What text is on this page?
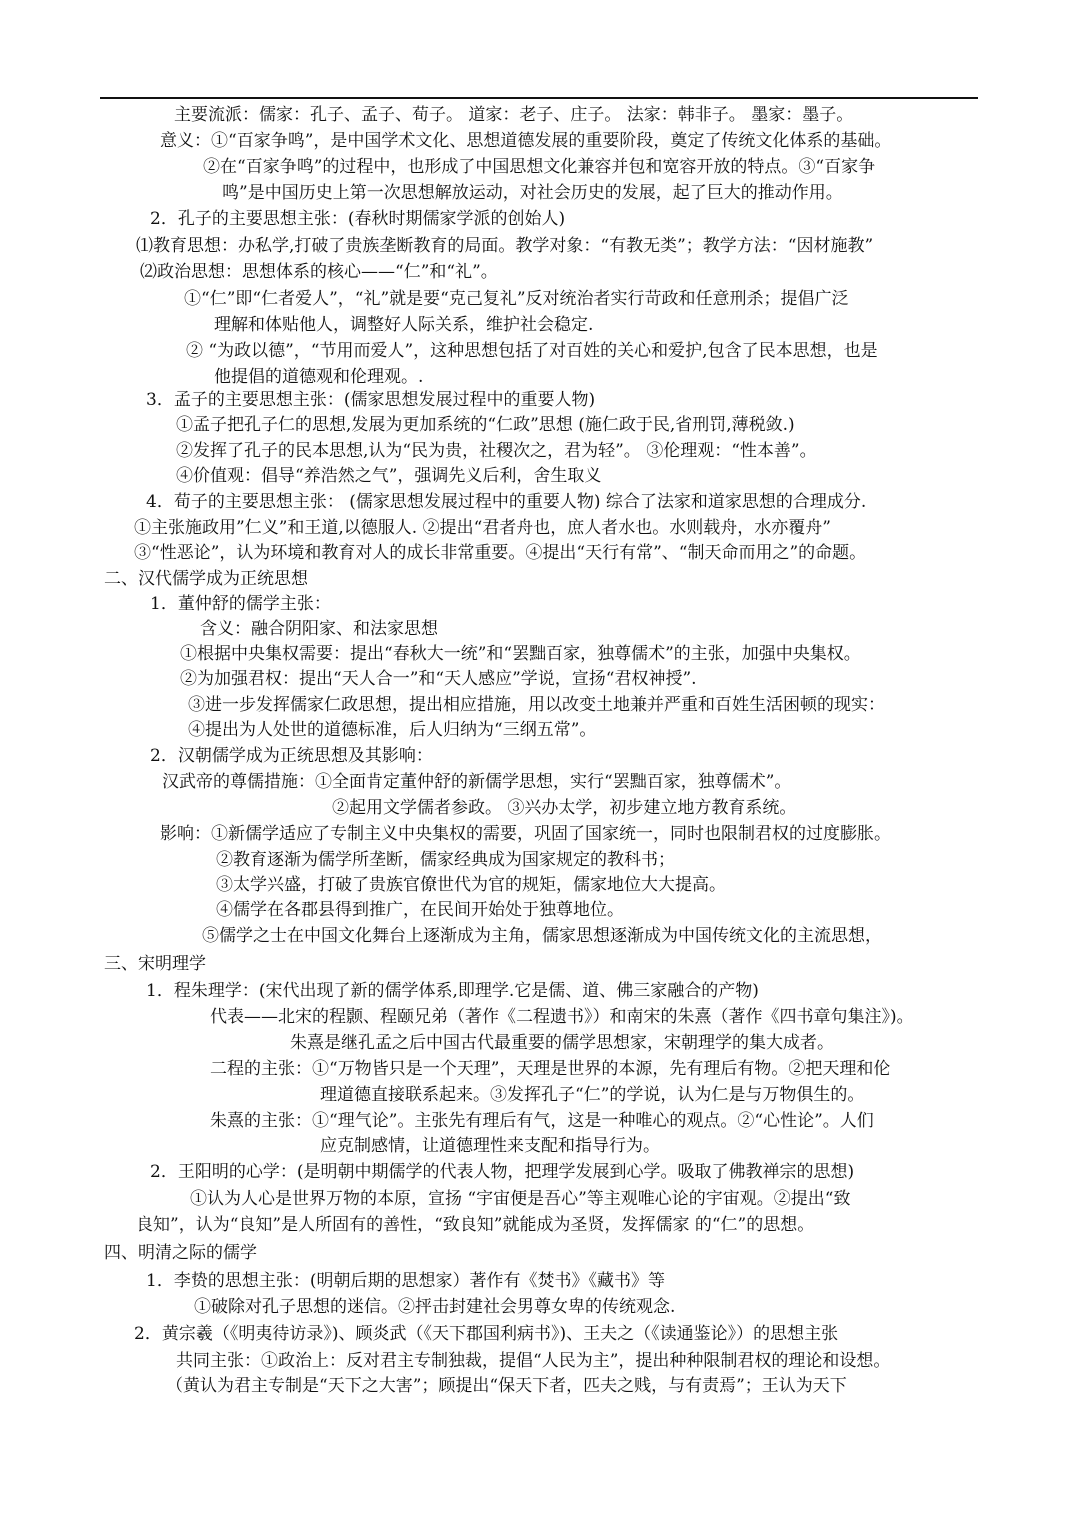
主要流派：儒家：孔子、孟子、荀子。 道家：老子、庄子。 法家：韩非子。 墨家：墨子。
意义：①“百家争鸣”，是中国学术文化、思想道德发展的重要阶段，奠定了传统文化体系的基础。
②在“百家争鸣”的过程中，也形成了中国思想文化兼容并包和宽容开放的特点。③“百家争
鸣”是中国历史上第一次思想解放运动，对社会历史的发展，起了巨大的推动作用。
2．孔子的主要思想主张：(春秋时期儒家学派的创始人)
⑴教育思想：办私学,打破了贵族垄断教育的局面。教学对象：“有教无类”；教学方法：“因材施教”
⑵政治思想：思想体系的核心——“仁”和“礼”。
①“仁”即“仁者爱人”，“礼”就是要“克己复礼”反对统治者实行苛政和任意刑杀；提倡广泛
理解和体贴他人，调整好人际关系，维护社会稳定.
② “为政以德”，“节用而爱人”，这种思想包括了对百姓的关心和爱护,包含了民本思想，也是
他提倡的道德观和伦理观。.
3．孟子的主要思想主张：(儒家思想发展过程中的重要人物)
①孟子把孔子仁的思想,发展为更加系统的“仁政”思想 (施仁政于民,省刑罚,薄税敛.)
②发挥了孔子的民本思想,认为“民为贵，社稷次之，君为轻”。 ③伦理观：“性本善”。
④价值观：倡导“养浩然之气”，强调先义后利，舍生取义
4．荀子的主要思想主张： (儒家思想发展过程中的重要人物) 综合了法家和道家思想的合理成分.
①主张施政用”仁义”和王道,以德服人. ②提出“君者舟也，庶人者水也。水则载舟，水亦覆舟”
③“性恶论”，认为环境和教育对人的成长非常重要。④提出“天行有常”、“制天命而用之”的命题。
二、汉代儒学成为正统思想
1．董仲舒的儒学主张：
含义：融合阴阳家、和法家思想
①根据中央集权需要：提出“春秋大一统”和“罢黜百家，独尊儒术”的主张，加强中央集权。
②为加强君权：提出“天人合一”和“天人感应”学说，宣扬“君权神授”.
③进一步发挥儒家仁政思想，提出相应措施，用以改变土地兼并严重和百姓生活困顿的现实：
④提出为人处世的道德标准，后人归纳为“三纲五常”。
2．汉朝儒学成为正统思想及其影响：
汉武帝的尊儒措施：①全面肯定董仲舒的新儒学思想，实行“罢黜百家，独尊儒术”。
②起用文学儒者参政。 ③兴办太学，初步建立地方教育系统。
影响：①新儒学适应了专制主义中央集权的需要，巩固了国家统一，同时也限制君权的过度膨胀。
②教育逐渐为儒学所垄断，儒家经典成为国家规定的教科书；
③太学兴盛，打破了贵族官僚世代为官的规矩，儒家地位大大提高。
④儒学在各郡县得到推广，在民间开始处于独尊地位。
⑤儒学之士在中国文化舞台上逐渐成为主角，儒家思想逐渐成为中国传统文化的主流思想，
三、宋明理学
1．程朱理学：(宋代出现了新的儒学体系,即理学.它是儒、道、佛三家融合的产物)
代表——北宋的程颢、程颐兄弟（著作《二程遗书》）和南宋的朱熹（著作《四书章句集注》)。
朱熹是继孔孟之后中国古代最重要的儒学思想家，宋朝理学的集大成者。
二程的主张：①“万物皆只是一个天理”，天理是世界的本源，先有理后有物。②把天理和伦
理道德直接联系起来。③发挥孔子“仁”的学说，认为仁是与万物俱生的。
朱熹的主张：①“理气论”。主张先有理后有气，这是一种唯心的观点。②“心性论”。人们
应克制感情，让道德理性来支配和指导行为。
2．王阳明的心学：(是明朝中期儒学的代表人物，把理学发展到心学。吸取了佛教禅宗的思想)
①认为人心是世界万物的本原，宣扬 “宇宙便是吾心”等主观唯心论的宇宙观。②提出“致
良知”，认为“良知”是人所固有的善性，“致良知”就能成为圣贤，发挥儒家 的“仁”的思想。
四、明清之际的儒学
1．李贽的思想主张：(明朝后期的思想家）著作有《焚书》《藏书》等
①破除对孔子思想的迷信。②抨击封建社会男尊女卑的传统观念.
2．黄宗羲（《明夷待访录》)、顾炎武（《天下郡国利病书》)、王夫之（《读通鉴论》）的思想主张
共同主张：①政治上：反对君主专制独裁，提倡“人民为主”，提出种种限制君权的理论和设想。
（黄认为君主专制是“天下之大害”；顾提出“保天下者，匹夫之贱，与有责焉”；王认为天下
